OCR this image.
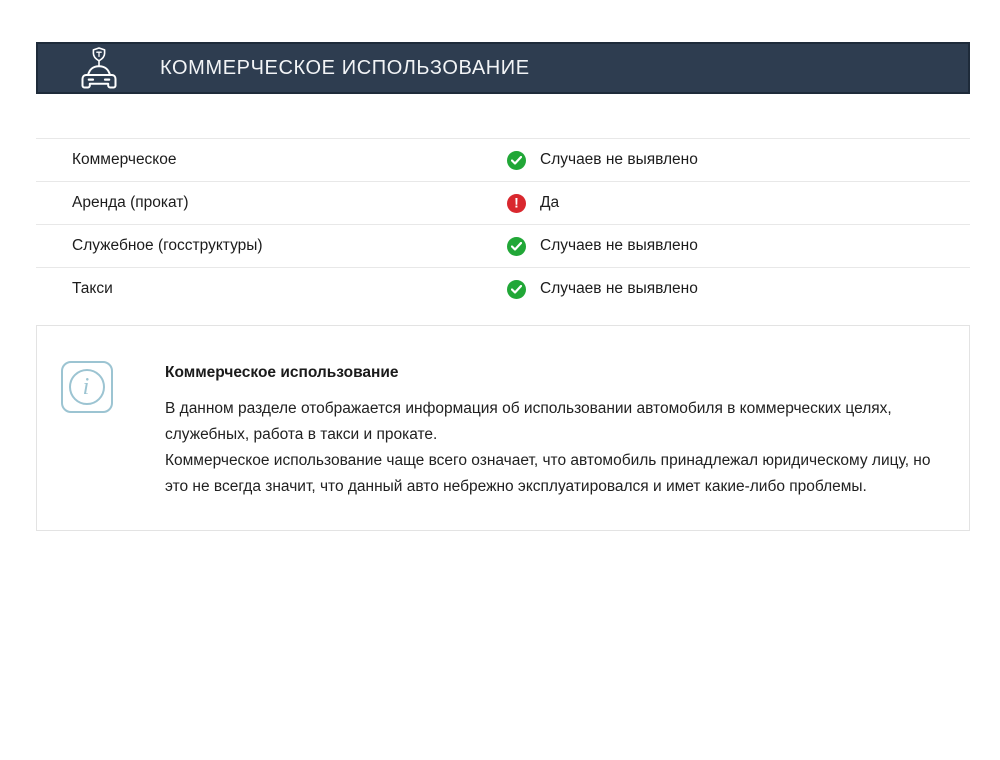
КОММЕРЧЕСКОЕ ИСПОЛЬЗОВАНИЕ
Коммерческое	Случаев не выявлено
Аренда (прокат)	! Да
Служебное (госструктуры)	Случаев не выявлено
Такси	Случаев не выявлено
i
Коммерческое использование

В данном разделе отображается информация об использовании автомобиля в коммерческих целях, служебных, работа в такси и прокате.

Коммерческое использование чаще всего означает, что автомобиль принадлежал юридическому лицу, но это не всегда значит, что данный авто небрежно эксплуатировался и имет какие-либо проблемы.
